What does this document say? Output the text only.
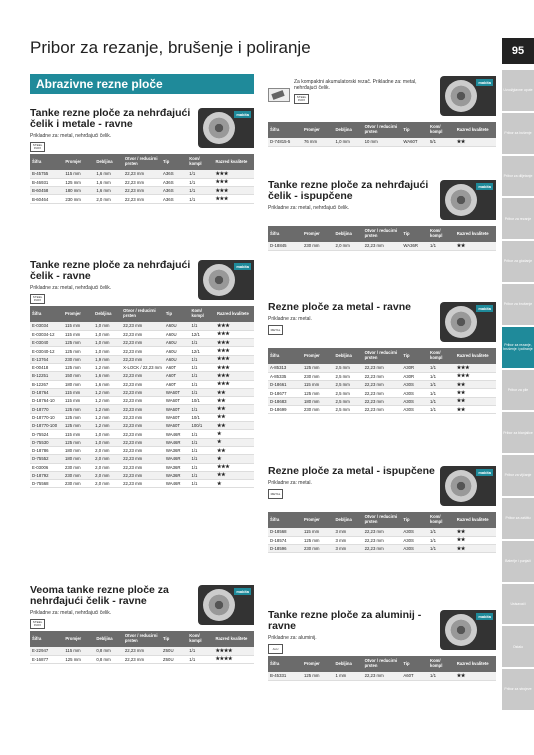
Pribor za rezanje, brušenje i poliranje	95
Uvod/glavne upute
Pribor za bušenje
Pribor za dlijetanje
Pribor za rezanje
Pribor za glodanje
Pribor za brušenje
Pribor za rezanje, brušenje i poliranje
Pribor za pile
Pribor za blanjalice
Pribor za vijčanje
Pribor za zaštitu
Baterije i punjači
Usisavači
Ostalo
Pribor za strojeve
Abrazivne rezne ploče
Tanke rezne ploče za nehrđajući čelik i metale - ravne
Prikladne za: metal, nehrđajući čelik.
STEEL INOX
makita
Šifra	Promjer	Debljina	Otvor / reducirni prsten	Tip	Kom/ kompl	Razred kvalitete
B-45755	115 mm	1,6 mm	22,23 mm	A36S	1/1	★★★
B-46931	125 mm	1,6 mm	22,23 mm	A36S	1/1	★★★
B-60458	180 mm	1,6 mm	22,23 mm	A36S	1/1	★★★
B-60464	230 mm	2,0 mm	22,23 mm	A36S	1/1	★★★
Tanke rezne ploče za nehrđajući čelik - ravne
Prikladne za: metal, nehrđajući čelik.
STEEL INOX
makita
Šifra	Promjer	Debljina	Otvor / reducirni prsten	Tip	Kom/ kompl	Razred kvalitete
E-03034	115 mm	1,0 mm	22,23 mm	A60U	1/1	★★★
E-03034-12	115 mm	1,0 mm	22,23 mm	A60U	12/1	★★★
E-03040	125 mm	1,0 mm	22,23 mm	A60U	1/1	★★★
E-03040-12	125 mm	1,0 mm	22,23 mm	A60U	12/1	★★★
E-13764	230 mm	1,9 mm	22,23 mm	A60U	1/1	★★★
E-00418	125 mm	1,2 mm	X-LOCK / 22,23 mm	A60T	1/1	★★★
B-12251	150 mm	1,6 mm	22,23 mm	A60T	1/1	★★★
B-12267	180 mm	1,6 mm	22,23 mm	A60T	1/1	★★★
D-18764	115 mm	1,2 mm	22,23 mm	WA60T	1/1	★★
D-18764-10	115 mm	1,2 mm	22,23 mm	WA60T	10/1	★★
D-18770	125 mm	1,2 mm	22,23 mm	WA60T	1/1	★★
D-18770-10	125 mm	1,2 mm	22,23 mm	WA60T	10/1	★★
D-18770-100	125 mm	1,2 mm	22,23 mm	WA60T	100/1	★★
D-75524	115 mm	1,0 mm	22,23 mm	WA46R	1/1	★
D-75530	125 mm	1,0 mm	22,23 mm	WA46R	1/1	★
D-18786	180 mm	2,0 mm	22,23 mm	WA36R	1/1	★★
D-75552	180 mm	2,0 mm	22,23 mm	WA46R	1/1	★
E-03006	230 mm	2,0 mm	22,23 mm	WA36R	1/1	★★★
D-18792	230 mm	2,0 mm	22,23 mm	WA36R	1/1	★★
D-75568	230 mm	2,0 mm	22,23 mm	WA46R	1/1	★
Veoma tanke rezne ploče za nehrđajući čelik - ravne
Prikladne za: metal, nehrđajući čelik.
STEEL INOX
makita
Šifra	Promjer	Debljina	Otvor / reducirni prsten	Tip	Kom/ kompl	Razred kvalitete
E-22947	115 mm	0,8 mm	22,23 mm	Z60U	1/1	★★★★
E-16877	125 mm	0,8 mm	22,23 mm	Z60U	1/1	★★★★
Za kompaktni akumulatorski rezač. Prikladne za: metal, nehrđajući čelik.
STEEL INOX
makita
Šifra	Promjer	Debljina	Otvor / reducirni prsten	Tip	Kom/ kompl	Razred kvalitete
D-74815-5	76 mm	1,0 mm	10 mm	WA60T	5/1	★★
Tanke rezne ploče za nehrđajući čelik - ispupčene
Prikladne za: metal, nehrđajući čelik.
makita
Šifra	Promjer	Debljina	Otvor / reducirni prsten	Tip	Kom/ kompl	Razred kvalitete
D-18845	230 mm	2,0 mm	22,23 mm	WA36R	1/1	★★
Rezne ploče za metal - ravne
Prikladne za: metal.
METAL
makita
Šifra	Promjer	Debljina	Otvor / reducirni prsten	Tip	Kom/ kompl	Razred kvalitete
A-85313	125 mm	2,5 mm	22,23 mm	A30R	1/1	★★★
A-85335	230 mm	2,5 mm	22,23 mm	A30R	1/1	★★★
D-18661	115 mm	2,5 mm	22,23 mm	A30S	1/1	★★
D-18677	125 mm	2,5 mm	22,23 mm	A30S	1/1	★★
D-18683	180 mm	2,5 mm	22,23 mm	A30S	1/1	★★
D-18699	230 mm	2,5 mm	22,23 mm	A30S	1/1	★★
Rezne ploče za metal - ispupčene
Prikladne za: metal.
METAL
makita
Šifra	Promjer	Debljina	Otvor / reducirni prsten	Tip	Kom/ kompl	Razred kvalitete
D-18568	115 mm	3 mm	22,23 mm	A30S	1/1	★★
D-18574	125 mm	3 mm	22,23 mm	A30S	1/1	★★
D-18596	230 mm	3 mm	22,23 mm	A30S	1/1	★★
Tanke rezne ploče za aluminij - ravne
Prikladne za: aluminij.
ALU
makita
Šifra	Promjer	Debljina	Otvor / reducirni prsten	Tip	Kom/ kompl	Razred kvalitete
B-45331	125 mm	1 mm	22,23 mm	A60T	1/1	★★
